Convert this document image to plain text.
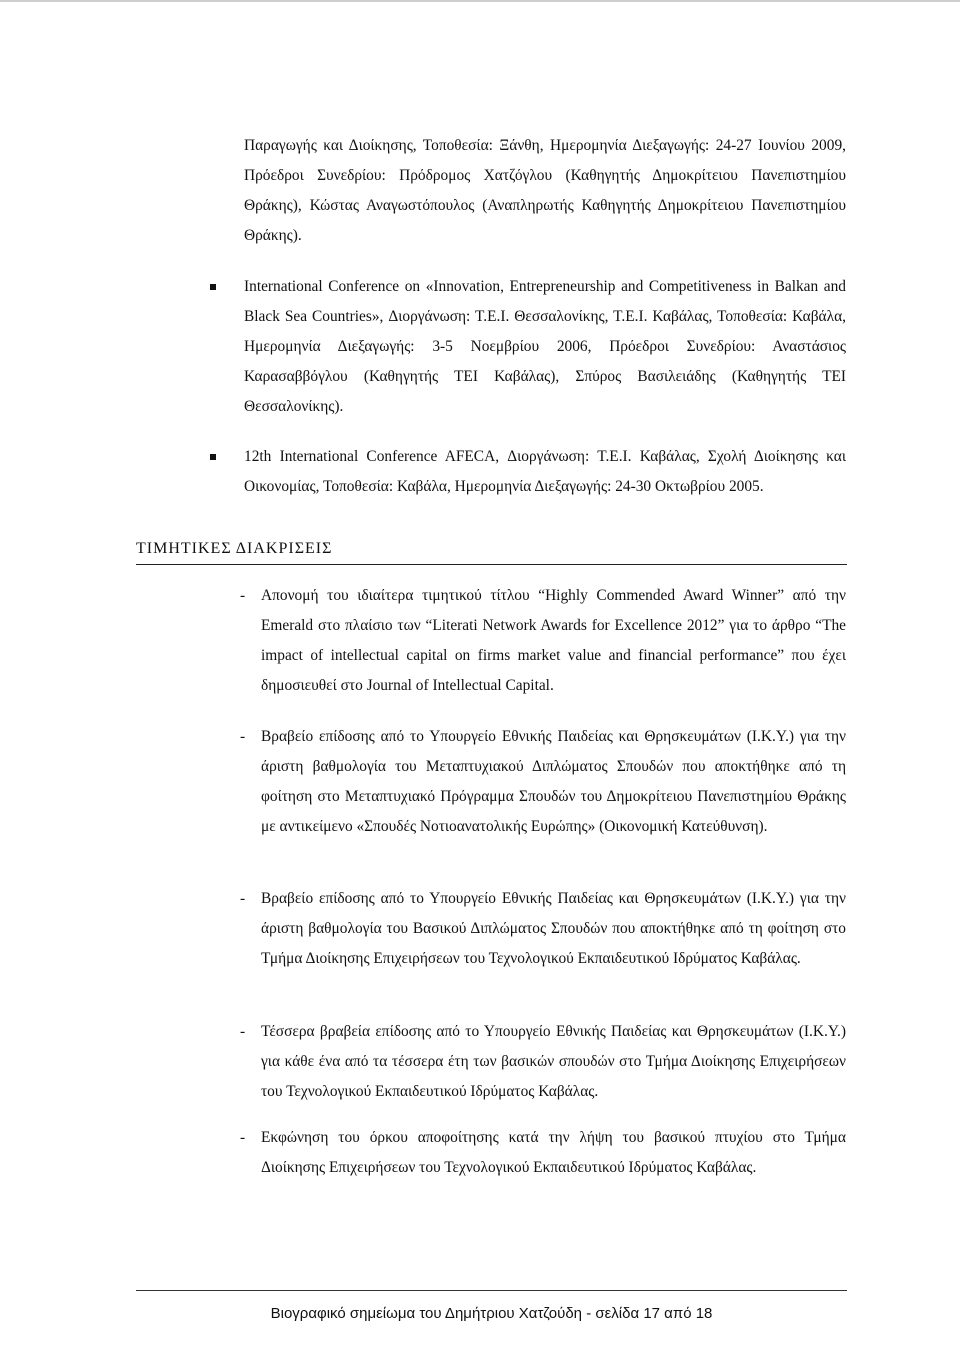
Παραγωγής και Διοίκησης, Τοποθεσία: Ξάνθη, Ημερομηνία Διεξαγωγής: 24-27 Ιουνίου 2009, Πρόεδροι Συνεδρίου: Πρόδρομος Χατζόγλου (Καθηγητής Δημοκρίτειου Πανεπιστημίου Θράκης), Κώστας Αναγωστόπουλος (Αναπληρωτής Καθηγητής Δημοκρίτειου Πανεπιστημίου Θράκης).
International Conference on «Innovation, Entrepreneurship and Competitiveness in Balkan and Black Sea Countries», Διοργάνωση: Τ.Ε.Ι. Θεσσαλονίκης, Τ.Ε.Ι. Καβάλας, Τοποθεσία: Καβάλα, Ημερομηνία Διεξαγωγής: 3-5 Νοεμβρίου 2006, Πρόεδροι Συνεδρίου: Αναστάσιος Καρασαββόγλου (Καθηγητής ΤΕΙ Καβάλας), Σπύρος Βασιλειάδης (Καθηγητής ΤΕΙ Θεσσαλονίκης).
12th International Conference AFECA, Διοργάνωση: Τ.Ε.Ι. Καβάλας, Σχολή Διοίκησης και Οικονομίας, Τοποθεσία: Καβάλα, Ημερομηνία Διεξαγωγής: 24-30 Οκτωβρίου 2005.
ΤΙΜΗΤΙΚΕΣ ΔΙΑΚΡΙΣΕΙΣ
- Απονομή του ιδιαίτερα τιμητικού τίτλου “Highly Commended Award Winner” από την Emerald στο πλαίσιο των “Literati Network Awards for Excellence 2012” για το άρθρο “The impact of intellectual capital on firms market value and financial performance” που έχει δημοσιευθεί στο Journal of Intellectual Capital.
- Βραβείο επίδοσης από το Υπουργείο Εθνικής Παιδείας και Θρησκευμάτων (Ι.Κ.Υ.) για την άριστη βαθμολογία του Μεταπτυχιακού Διπλώματος Σπουδών που αποκτήθηκε από τη φοίτηση στο Μεταπτυχιακό Πρόγραμμα Σπουδών του Δημοκρίτειου Πανεπιστημίου Θράκης με αντικείμενο «Σπουδές Νοτιοανατολικής Ευρώπης» (Οικονομική Κατεύθυνση).
- Βραβείο επίδοσης από το Υπουργείο Εθνικής Παιδείας και Θρησκευμάτων (Ι.Κ.Υ.) για την άριστη βαθμολογία του Βασικού Διπλώματος Σπουδών που αποκτήθηκε από τη φοίτηση στο Τμήμα Διοίκησης Επιχειρήσεων του Τεχνολογικού Εκπαιδευτικού Ιδρύματος Καβάλας.
- Τέσσερα βραβεία επίδοσης από το Υπουργείο Εθνικής Παιδείας και Θρησκευμάτων (Ι.Κ.Υ.) για κάθε ένα από τα τέσσερα έτη των βασικών σπουδών στο Τμήμα Διοίκησης Επιχειρήσεων του Τεχνολογικού Εκπαιδευτικού Ιδρύματος Καβάλας.
- Εκφώνηση του όρκου αποφοίτησης κατά την λήψη του βασικού πτυχίου στο Τμήμα Διοίκησης Επιχειρήσεων του Τεχνολογικού Εκπαιδευτικού Ιδρύματος Καβάλας.
Βιογραφικό σημείωμα του Δημήτριου Χατζούδη - σελίδα 17 από 18
